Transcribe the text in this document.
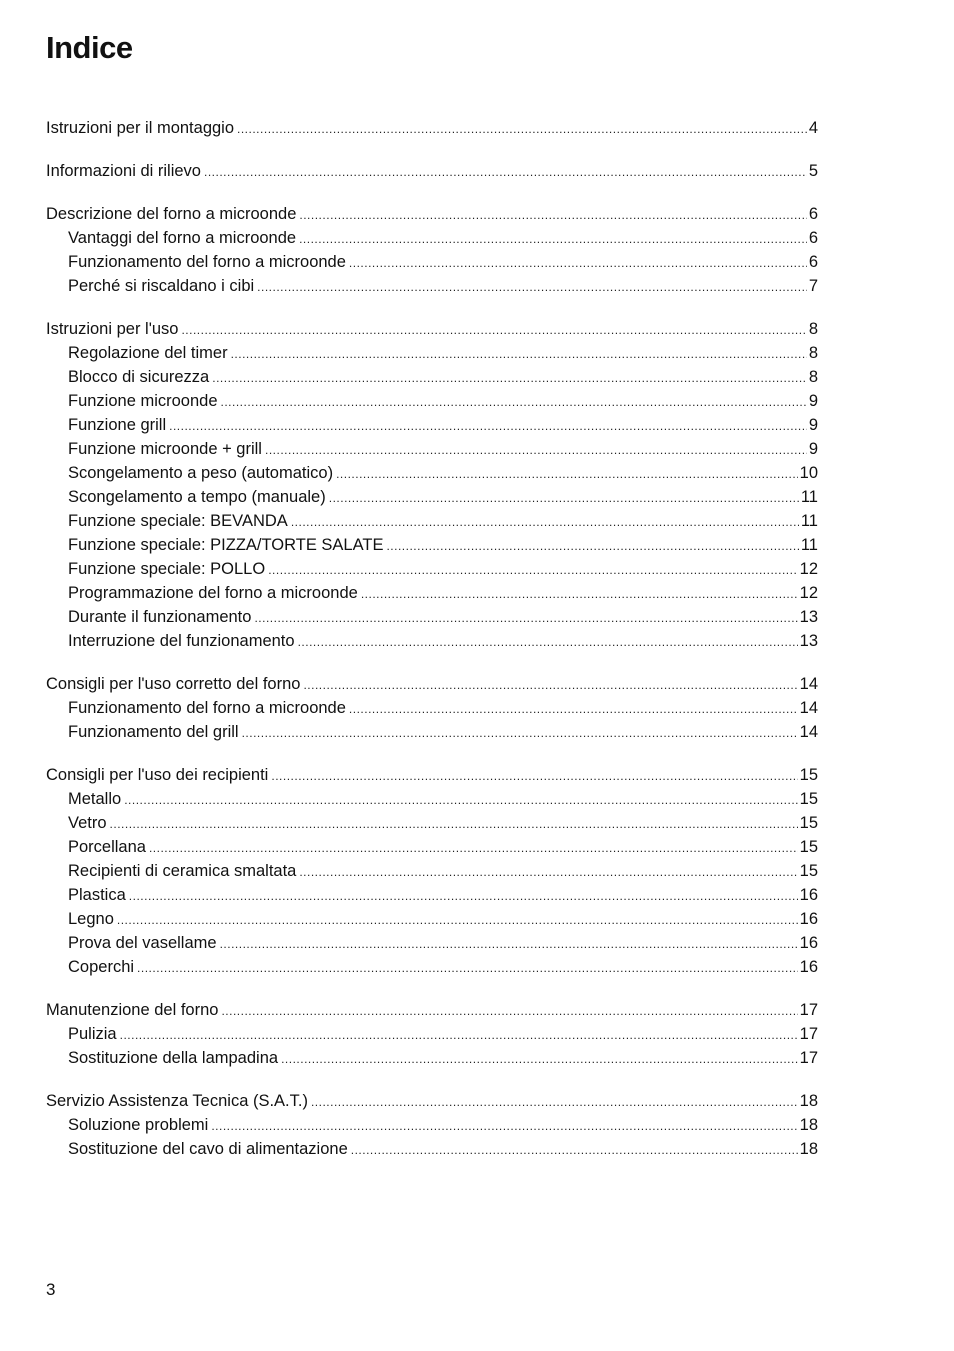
Indice
Istruzioni per il montaggio .....	4
Informazioni di rilievo .....	5
Descrizione del forno a microonde .....	6
Vantaggi del forno a microonde .....	6
Funzionamento del forno a microonde .....	6
Perché si riscaldano i cibi .....	7
Istruzioni per l'uso .....	8
Regolazione del timer .....	8
Blocco di sicurezza .....	8
Funzione microonde .....	9
Funzione grill .....	9
Funzione microonde + grill .....	9
Scongelamento a peso (automatico) .....	10
Scongelamento a tempo (manuale) .....	11
Funzione speciale: BEVANDA .....	11
Funzione speciale: PIZZA/TORTE SALATE .....	11
Funzione speciale: POLLO .....	12
Programmazione del forno a microonde .....	12
Durante il funzionamento .....	13
Interruzione del funzionamento .....	13
Consigli per l'uso corretto del forno .....	14
Funzionamento del forno a microonde .....	14
Funzionamento del grill .....	14
Consigli per l'uso dei recipienti .....	15
Metallo .....	15
Vetro .....	15
Porcellana .....	15
Recipienti di ceramica smaltata .....	15
Plastica .....	16
Legno .....	16
Prova del vasellame .....	16
Coperchi .....	16
Manutenzione del forno .....	17
Pulizia .....	17
Sostituzione della lampadina .....	17
Servizio Assistenza Tecnica (S.A.T.) .....	18
Soluzione problemi .....	18
Sostituzione del cavo di alimentazione .....	18
3
